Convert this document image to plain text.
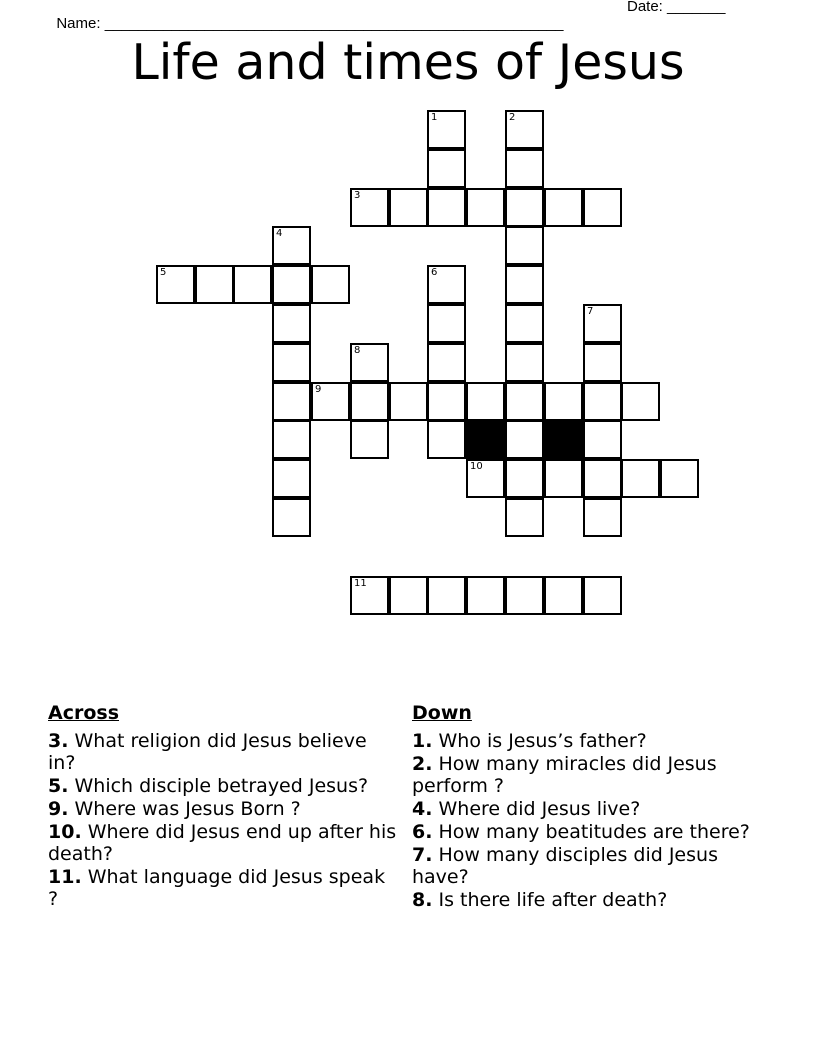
Name: _______________________________________________________

Date: _______

Life and times of Jesus
1	2
3
4
5	6
7
8
9
10
11
Across
3. What religion did Jesus believe in?
5. Which disciple betrayed Jesus?
9. Where was Jesus Born ?
10. Where did Jesus end up after his death?
11. What language did Jesus speak ?
Down
1. Who is Jesus’s father?
2. How many miracles did Jesus perform ?
4. Where did Jesus live?
6. How many beatitudes are there?
7. How many disciples did Jesus have?
8. Is there life after death?
